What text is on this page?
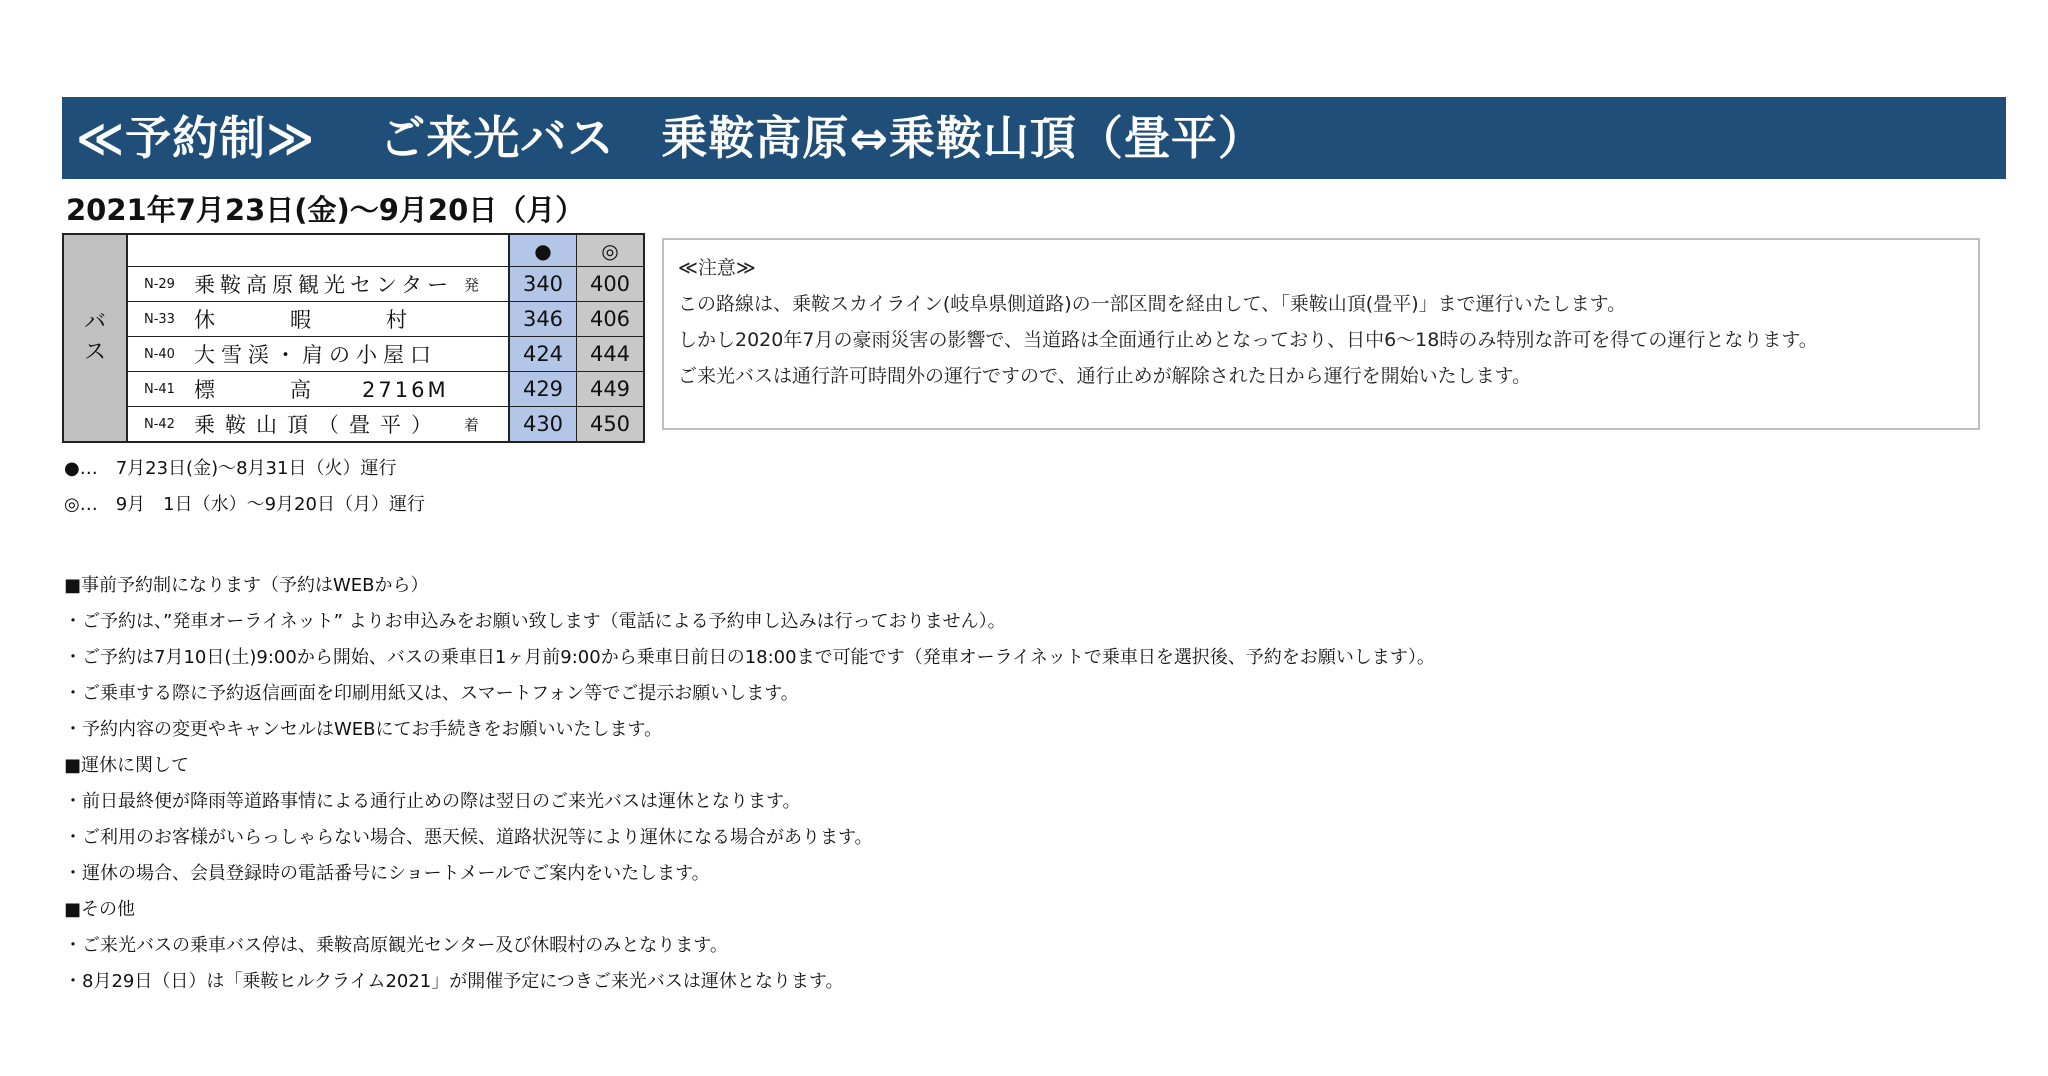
≪予約制≫　 ご来光バス　乗鞍高原⇔乗鞍山頂（畳平）
2021年7月23日(金)〜9月20日（月）
バ
ス		●	◎
	N-29 乗鞍高原観光センター 発	340	400
	N-33 休　　　暇　　　村	346	406
	N-40 大雪渓・肩の小屋口	424	444
	N-41 標　　　高　　2716M	429	449
	N-42 乗鞍山頂（畳平） 着	430	450
≪注意≫
この路線は、乗鞍スカイライン(岐阜県側道路)の一部区間を経由して、「乗鞍山頂(畳平)」まで運行いたします。
しかし2020年7月の豪雨災害の影響で、当道路は全面通行止めとなっており、日中6〜18時のみ特別な許可を得ての運行となります。
ご来光バスは通行許可時間外の運行ですので、通行止めが解除された日から運行を開始いたします。
●…　7月23日(金)〜8月31日（火）運行
◎…　9月　1日（水）〜9月20日（月）運行
■事前予約制になります（予約はWEBから）
・ご予約は、”発車オーライネット” よりお申込みをお願い致します（電話による予約申し込みは行っておりません）。
・ご予約は7月10日(土)9:00から開始、バスの乗車日1ヶ月前9:00から乗車日前日の18:00まで可能です（発車オーライネットで乗車日を選択後、予約をお願いします）。
・ご乗車する際に予約返信画面を印刷用紙又は、スマートフォン等でご提示お願いします。
・予約内容の変更やキャンセルはWEBにてお手続きをお願いいたします。
■運休に関して
・前日最終便が降雨等道路事情による通行止めの際は翌日のご来光バスは運休となります。
・ご利用のお客様がいらっしゃらない場合、悪天候、道路状況等により運休になる場合があります。
・運休の場合、会員登録時の電話番号にショートメールでご案内をいたします。
■その他
・ご来光バスの乗車バス停は、乗鞍高原観光センター及び休暇村のみとなります。
・8月29日（日）は「乗鞍ヒルクライム2021」が開催予定につきご来光バスは運休となります。
